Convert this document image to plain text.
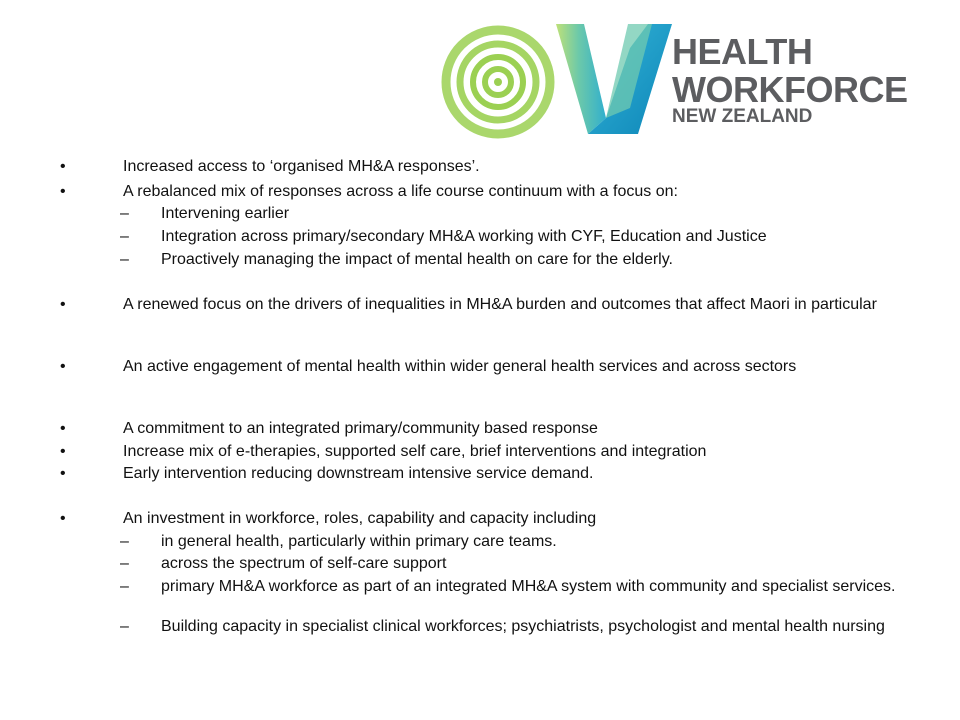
HEALTH
WORKFORCE
NEW ZEALAND
•	Increased access to ‘organised MH&A responses’.
•	A rebalanced mix of responses across a life course continuum with a focus on:
–	Intervening earlier
–	Integration across primary/secondary MH&A working with CYF, Education and Justice
–	Proactively managing the impact of mental health on care for the elderly.
•	A renewed focus on the drivers of inequalities in MH&A burden and outcomes that affect Maori in particular
•	An active engagement of mental health within wider general health services and across sectors
•	A commitment to an integrated primary/community based response
•	Increase mix of e-therapies, supported self care, brief interventions and integration
•	Early intervention reducing downstream intensive service demand.
•	An investment in workforce, roles, capability and capacity including
–	in general health, particularly within primary care teams.
–	across the spectrum of self-care support
–	primary MH&A workforce as part of an integrated MH&A system with community and specialist services.
–	Building capacity in specialist clinical workforces; psychiatrists, psychologist and mental health nursing
